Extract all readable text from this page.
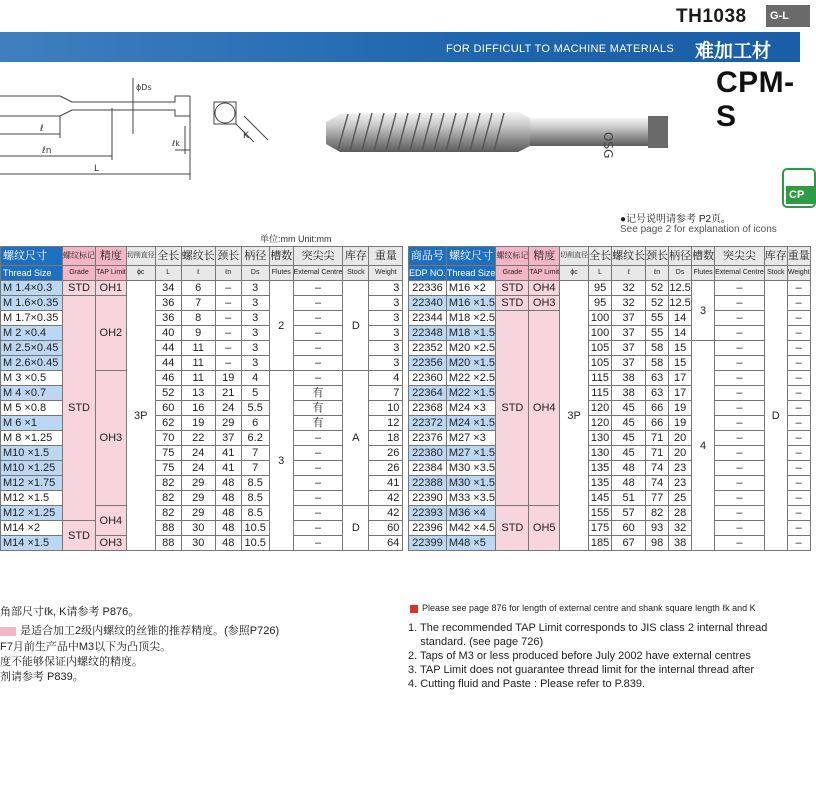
TH1038	G-L
FOR DIFFICULT TO MACHINE MATERIALS 难加工材
CPM-S
CP
ℓ
ℓn
L
ϕDs
ℓk
K	OSG
●记号说明请参考 P2页。
See page 2 for explanation of icons
单位:mm Unit:mm
螺纹尺寸	螺纹标记	精度	切削直径	全长	螺纹长	颈长	柄径	槽数	突尖尖	库存	重量
Thread Size	Grade	TAP Limit	ϕc	L	ℓ	ℓn	Ds	Flutes	External Centre	Stock	Weight
M 1.4×0.3	STD	OH1	3P	34	6	–	3	2	–	D	3
M 1.6×0.35	STD	OH2		36	7	–	3		–		3
M 1.7×0.35				36	8	–	3		–		3
M 2 ×0.4				40	9	–	3		–		3
M 2.5×0.45				44	11	–	3		–		3
M 2.6×0.45				44	11	–	3		–		3
M 3 ×0.5		OH3		46	11	19	4	3	–	A	4
M 4 ×0.7				52	13	21	5		有		7
M 5 ×0.8				60	16	24	5.5		有		10
M 6 ×1				62	19	29	6		有		12
M 8 ×1.25				70	22	37	6.2		–		18
M10 ×1.5				75	24	41	7		–		26
M10 ×1.25				75	24	41	7		–		26
M12 ×1.75				82	29	48	8.5		–		41
M12 ×1.5				82	29	48	8.5		–		42
M12 ×1.25		OH4		82	29	48	8.5		–	D	42
M14 ×2	STD			88	30	48	10.5		–		60
M14 ×1.5		OH3		88	30	48	10.5		–		64
商品号	螺纹尺寸	螺纹标记	精度	切削直径	全长	螺纹长	颈长	柄径	槽数	突尖尖	库存	重量
EDP NO.	Thread Size	Grade	TAP Limit	ϕc	L	ℓ	ℓn	Ds	Flutes	External Centre	Stock	Weight
22336	M16 ×2	STD	OH4	3P	95	32	52	12.5	3	–	D	–
22340	M16 ×1.5	STD	OH3		95	32	52	12.5		–		–
22344	M18 ×2.5	STD	OH4		100	37	55	14		–		–
22348	M18 ×1.5				100	37	55	14		–		–
22352	M20 ×2.5				105	37	58	15	4	–		–
22356	M20 ×1.5				105	37	58	15		–		–
22360	M22 ×2.5				115	38	63	17		–		–
22364	M22 ×1.5				115	38	63	17		–		–
22368	M24 ×3				120	45	66	19		–		–
22372	M24 ×1.5				120	45	66	19		–		–
22376	M27 ×3				130	45	71	20		–		–
22380	M27 ×1.5				130	45	71	20		–		–
22384	M30 ×3.5				135	48	74	23		–		–
22388	M30 ×1.5				135	48	74	23		–		–
22390	M33 ×3.5				145	51	77	25		–		–
22393	M36 ×4	STD	OH5		155	57	82	28		–		–
22396	M42 ×4.5				175	60	93	32		–		–
22399	M48 ×5				185	67	98	38		–		–
角部尺寸ℓk, K请参考 P876。
是适合加工2级内螺纹的丝锥的推荐精度。(参照P726)
F7月前生产品中M3以下为凸顶尖。
度不能够保证内螺纹的精度。
剂请参考 P839。
Please see page 876 for length of external centre and shank square length ℓk and K
1. The recommended TAP Limit corresponds to JIS class 2 internal thread
standard. (see page 726)
2. Taps of M3 or less produced before July 2002 have external centres
3. TAP Limit does not guarantee thread limit for the internal thread after
4. Cutting fluid and Paste : Please refer to P.839.
